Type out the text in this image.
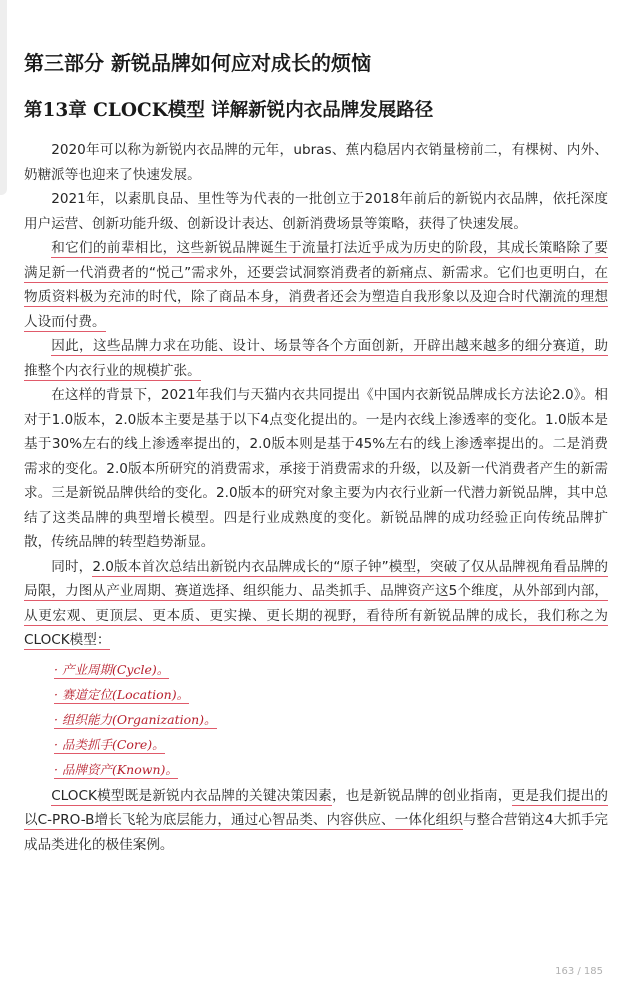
第三部分 新锐品牌如何应对成长的烦恼
第13章 CLOCK模型 详解新锐内衣品牌发展路径

2020年可以称为新锐内衣品牌的元年，ubras、蕉内稳居内衣销量榜前二，有棵树、内外、奶糖派等也迎来了快速发展。

2021年，以素肌良品、里性等为代表的一批创立于2018年前后的新锐内衣品牌，依托深度用户运营、创新功能升级、创新设计表达、创新消费场景等策略，获得了快速发展。

和它们的前辈相比，这些新锐品牌诞生于流量打法近乎成为历史的阶段，其成长策略除了要满足新一代消费者的“悦己”需求外，还要尝试洞察消费者的新痛点、新需求。它们也更明白，在物质资料极为充沛的时代，除了商品本身，消费者还会为塑造自我形象以及迎合时代潮流的理想人设而付费。

因此，这些品牌力求在功能、设计、场景等各个方面创新，开辟出越来越多的细分赛道，助推整个内衣行业的规模扩张。

在这样的背景下，2021年我们与天猫内衣共同提出《中国内衣新锐品牌成长方法论2.0》。相对于1.0版本，2.0版本主要是基于以下4点变化提出的。一是内衣线上渗透率的变化。1.0版本是基于30%左右的线上渗透率提出的，2.0版本则是基于45%左右的线上渗透率提出的。二是消费需求的变化。2.0版本所研究的消费需求，承接于消费需求的升级，以及新一代消费者产生的新需求。三是新锐品牌供给的变化。2.0版本的研究对象主要为内衣行业新一代潜力新锐品牌，其中总结了这类品牌的典型增长模型。四是行业成熟度的变化。新锐品牌的成功经验正向传统品牌扩散，传统品牌的转型趋势渐显。

同时，2.0版本首次总结出新锐内衣品牌成长的“原子钟”模型，突破了仅从品牌视角看品牌的局限，力图从产业周期、赛道选择、组织能力、品类抓手、品牌资产这5个维度，从外部到内部，从更宏观、更顶层、更本质、更实操、更长期的视野，看待所有新锐品牌的成长，我们称之为CLOCK模型：

· 产业周期(Cycle)。
· 赛道定位(Location)。
· 组织能力(Organization)。
· 品类抓手(Core)。
· 品牌资产(Known)。

CLOCK模型既是新锐内衣品牌的关键决策因素，也是新锐品牌的创业指南，更是我们提出的以C-PRO-B增长飞轮为底层能力，通过心智品类、内容供应、一体化组织与整合营销这4大抓手完成品类进化的极佳案例。

163 / 185
